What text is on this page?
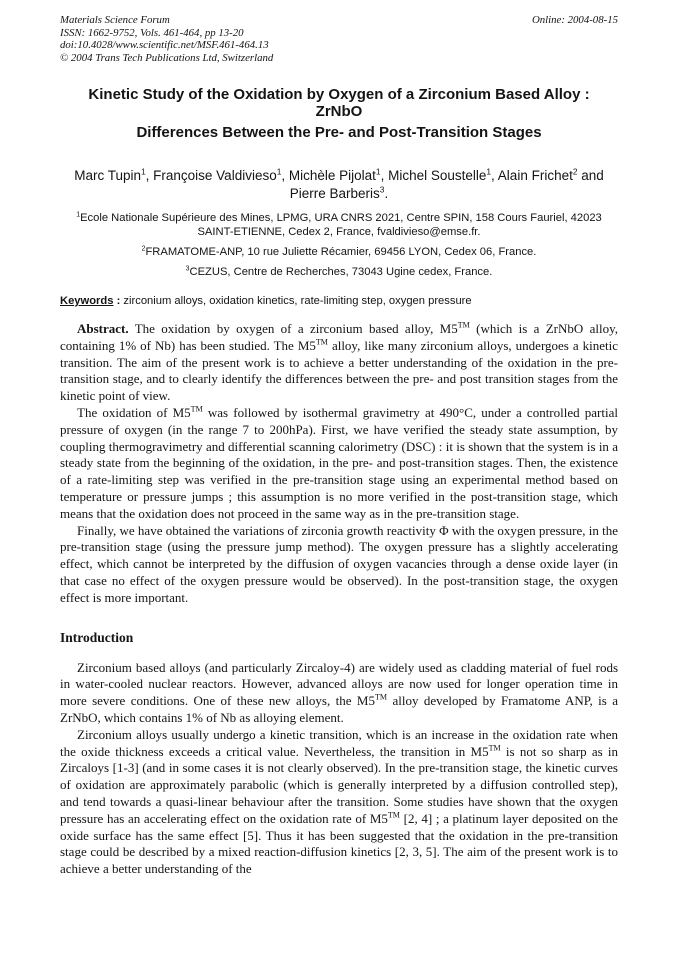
Materials Science Forum
ISSN: 1662-9752, Vols. 461-464, pp 13-20
doi:10.4028/www.scientific.net/MSF.461-464.13
© 2004 Trans Tech Publications Ltd, Switzerland
Online: 2004-08-15
Kinetic Study of the Oxidation by Oxygen of a Zirconium Based Alloy :
ZrNbO
Differences Between the Pre- and Post-Transition Stages
Marc Tupin$^1$, Françoise Valdivieso$^1$, Michèle Pijolat$^1$, Michel Soustelle$^1$, Alain Frichet$^2$ and Pierre Barberis$^3$.
$^1$Ecole Nationale Supérieure des Mines, LPMG, URA CNRS 2021, Centre SPIN, 158 Cours Fauriel, 42023 SAINT-ETIENNE, Cedex 2, France, fvaldivieso@emse.fr.
$^2$FRAMATOME-ANP, 10 rue Juliette Récamier, 69456 LYON, Cedex 06, France.
$^3$CEZUS, Centre de Recherches, 73043 Ugine cedex, France.
Keywords : zirconium alloys, oxidation kinetics, rate-limiting step, oxygen pressure

Abstract. The oxidation by oxygen of a zirconium based alloy, M5™ (which is a ZrNbO alloy, containing 1% of Nb) has been studied. The M5™ alloy, like many zirconium alloys, undergoes a kinetic transition. The aim of the present work is to achieve a better understanding of the oxidation in the pre-transition stage, and to clearly identify the differences between the pre- and post transition stages from the kinetic point of view.

The oxidation of M5™ was followed by isothermal gravimetry at 490°C, under a controlled partial pressure of oxygen (in the range 7 to 200hPa). First, we have verified the steady state assumption, by coupling thermogravimetry and differential scanning calorimetry (DSC) : it is shown that the system is in a steady state from the beginning of the oxidation, in the pre- and post-transition stages. Then, the existence of a rate-limiting step was verified in the pre-transition stage using an experimental method based on temperature or pressure jumps ; this assumption is no more verified in the post-transition stage, which means that the oxidation does not proceed in the same way as in the pre-transition stage.

Finally, we have obtained the variations of zirconia growth reactivity Φ with the oxygen pressure, in the pre-transition stage (using the pressure jump method). The oxygen pressure has a slightly accelerating effect, which cannot be interpreted by the diffusion of oxygen vacancies through a dense oxide layer (in that case no effect of the oxygen pressure would be observed). In the post-transition stage, the oxygen effect is more important.

Introduction

Zirconium based alloys (and particularly Zircaloy-4) are widely used as cladding material of fuel rods in water-cooled nuclear reactors. However, advanced alloys are now used for longer operation time in more severe conditions. One of these new alloys, the M5™ alloy developed by Framatome ANP, is a ZrNbO, which contains 1% of Nb as alloying element.

Zirconium alloys usually undergo a kinetic transition, which is an increase in the oxidation rate when the oxide thickness exceeds a critical value. Nevertheless, the transition in M5™ is not so sharp as in Zircaloys [1-3] (and in some cases it is not clearly observed). In the pre-transition stage, the kinetic curves of oxidation are approximately parabolic (which is generally interpreted by a diffusion controlled step), and tend towards a quasi-linear behaviour after the transition. Some studies have shown that the oxygen pressure has an accelerating effect on the oxidation rate of M5™ [2, 4] ; a platinum layer deposited on the oxide surface has the same effect [5]. Thus it has been suggested that the oxidation in the pre-transition stage could be described by a mixed reaction-diffusion kinetics [2, 3, 5]. The aim of the present work is to achieve a better understanding of the
